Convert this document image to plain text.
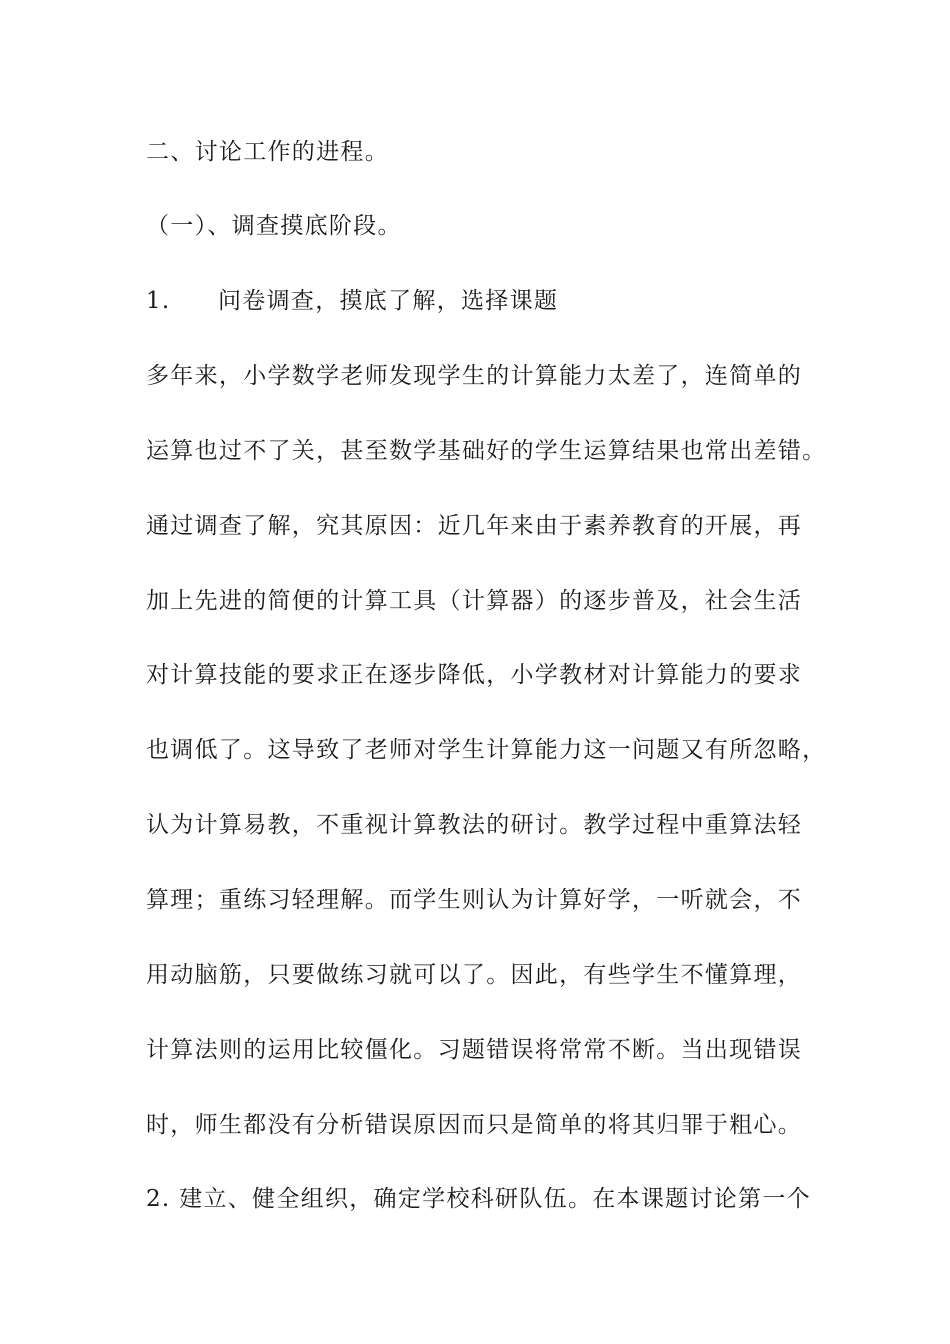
二、讨论工作的进程。
（一）、调查摸底阶段。
1. 问卷调查，摸底了解，选择课题
多年来，小学数学老师发现学生的计算能力太差了，连简单的
运算也过不了关，甚至数学基础好的学生运算结果也常出差错。
通过调查了解，究其原因：近几年来由于素养教育的开展，再
加上先进的简便的计算工具（计算器）的逐步普及，社会生活
对计算技能的要求正在逐步降低，小学教材对计算能力的要求
也调低了。这导致了老师对学生计算能力这一问题又有所忽略，
认为计算易教，不重视计算教法的研讨。教学过程中重算法轻
算理；重练习轻理解。而学生则认为计算好学，一听就会，不
用动脑筋，只要做练习就可以了。因此，有些学生不懂算理，
计算法则的运用比较僵化。习题错误将常常不断。当出现错误
时，师生都没有分析错误原因而只是简单的将其归罪于粗心。
2. 建立、健全组织，确定学校科研队伍。在本课题讨论第一个
